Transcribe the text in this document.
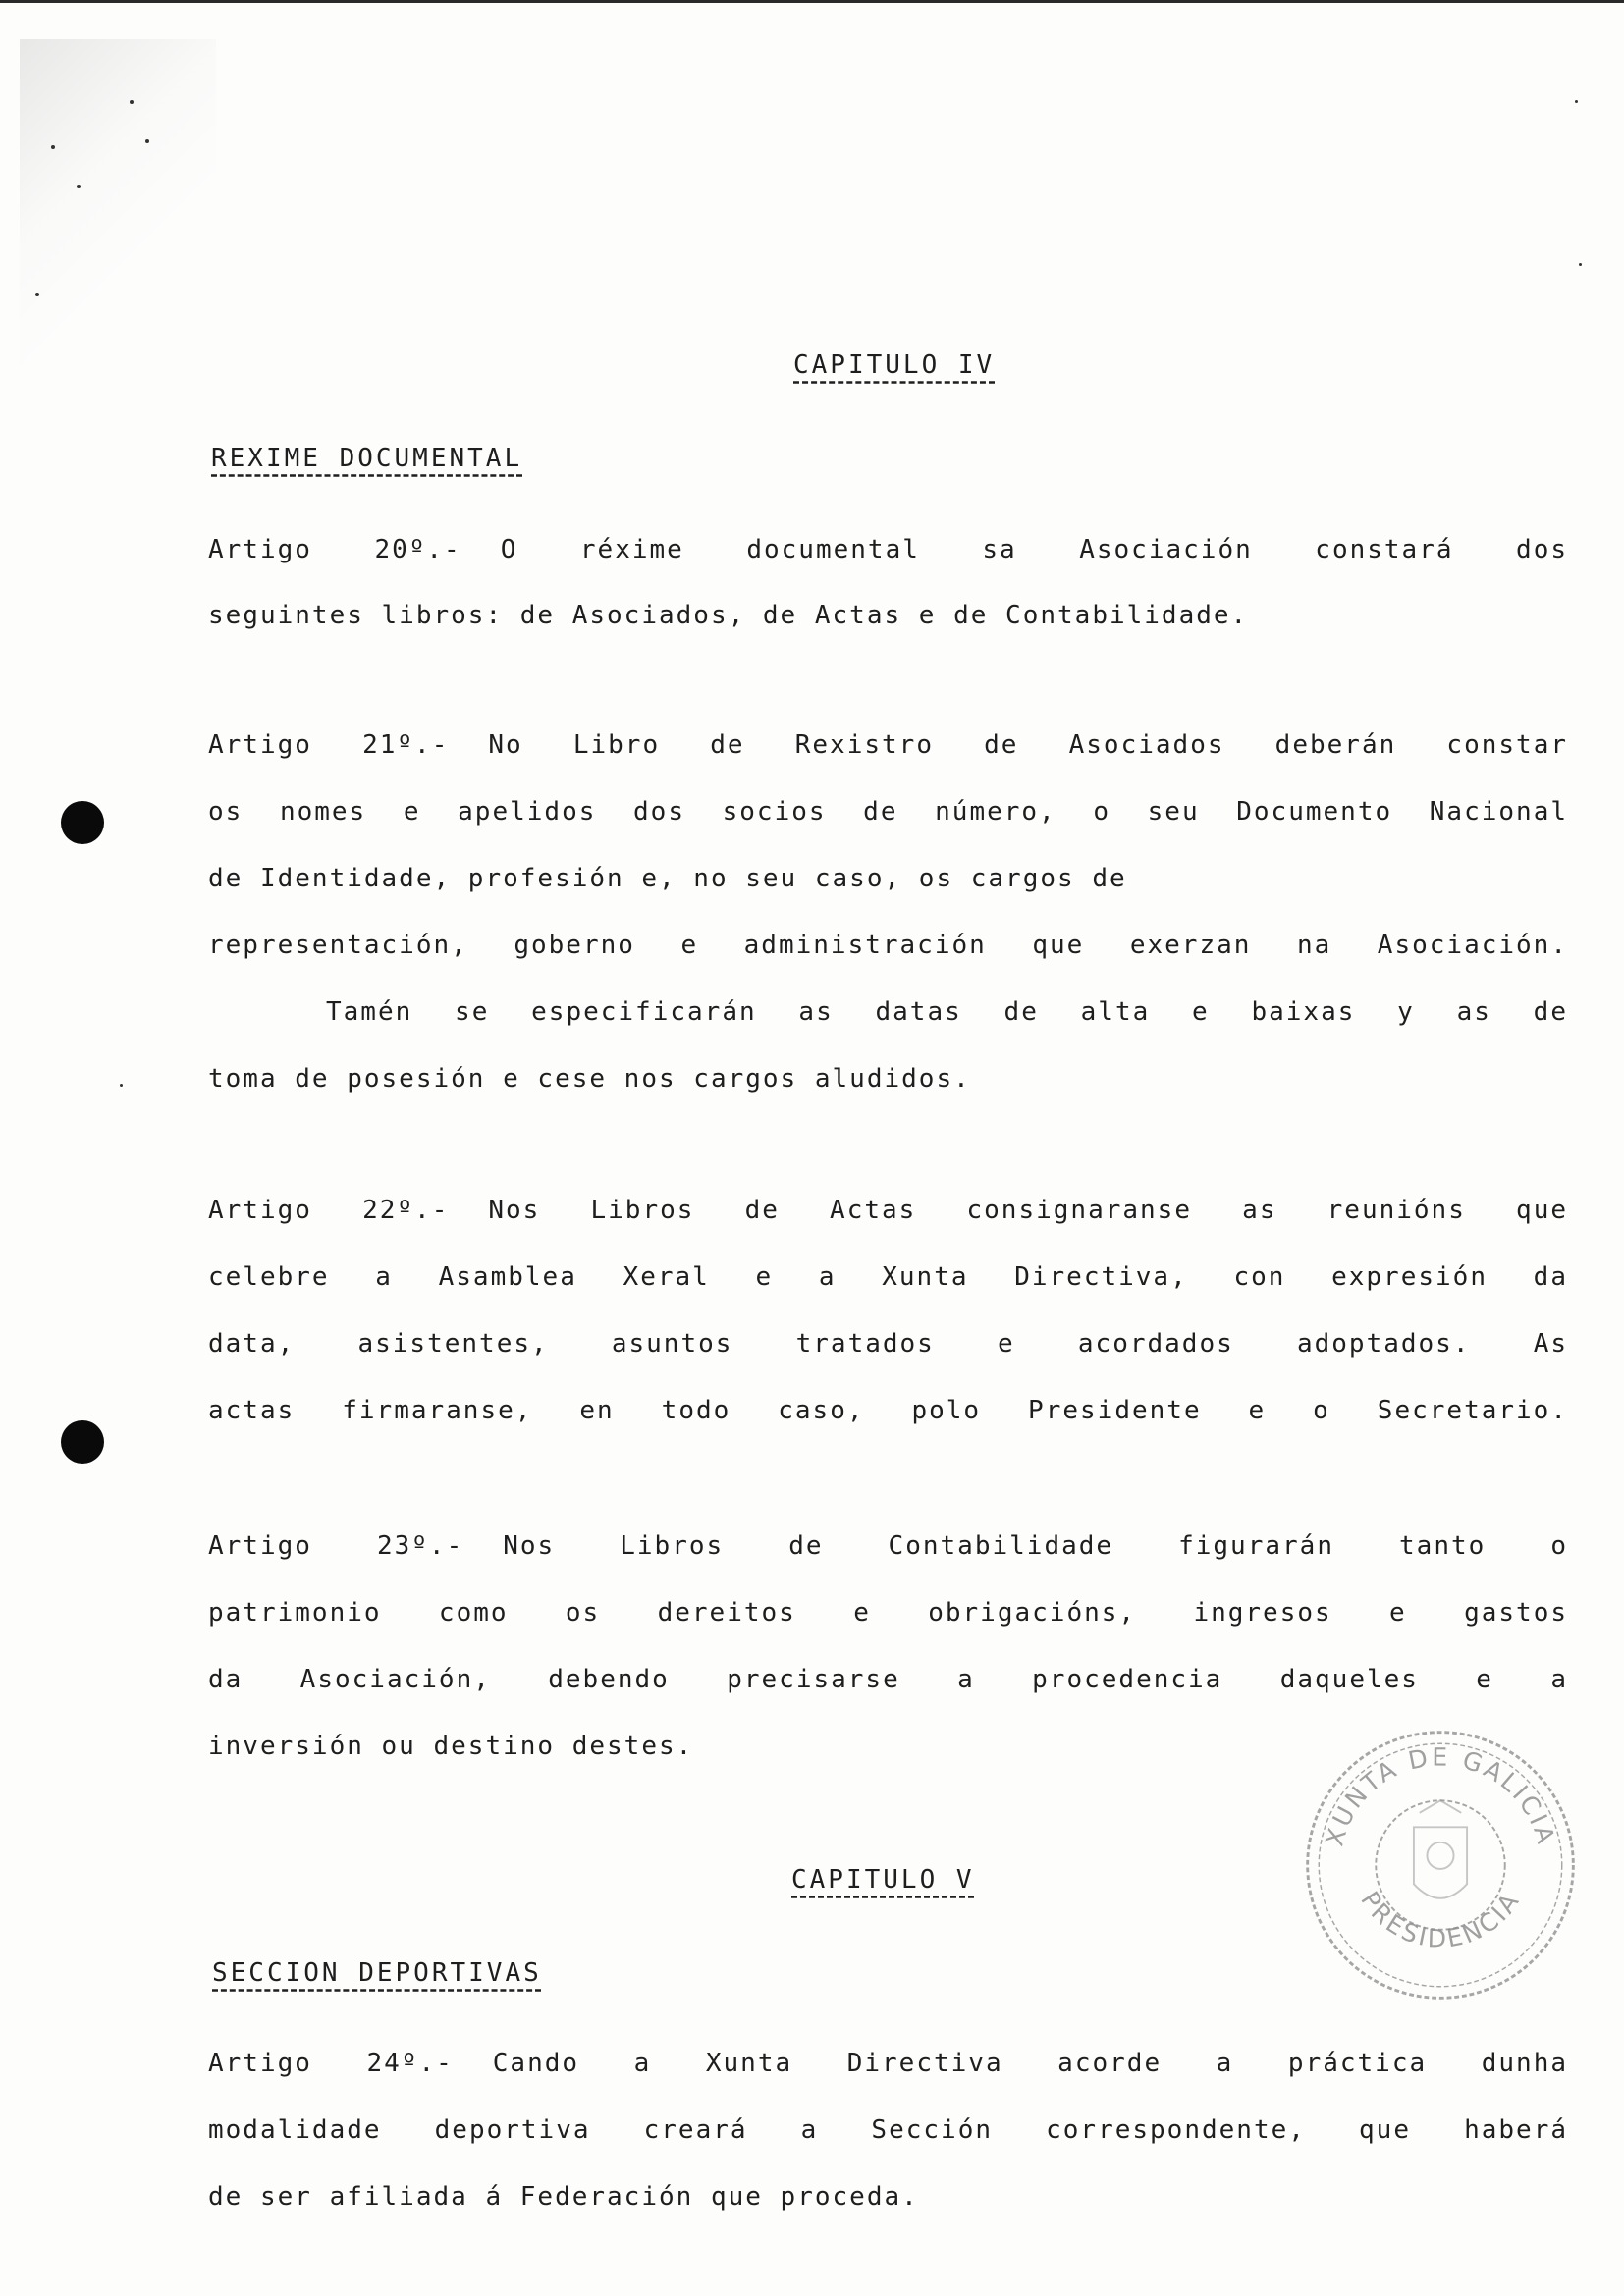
CAPITULO IV
REXIME DOCUMENTAL
Artigo 20º.- O réxime documental sa Asociación constará dos
seguintes libros: de Asociados, de Actas e de Contabilidade.
Artigo 21º.- No Libro de Rexistro de Asociados deberán constar
os nomes e apelidos dos socios de número, o seu Documento Nacional
de Identidade, profesión e, no seu caso, os cargos de
representación, goberno e administración que exerzan na Asociación.
Tamén se especificarán as datas de alta e baixas y as de
toma de posesión e cese nos cargos aludidos.
Artigo 22º.- Nos Libros de Actas consignaranse as reunións que
celebre a Asamblea Xeral e a Xunta Directiva, con expresión da
data, asistentes, asuntos tratados e acordados adoptados. As
actas firmaranse, en todo caso, polo Presidente e o Secretario.
Artigo 23º.- Nos Libros de Contabilidade figurarán tanto o
patrimonio como os dereitos e obrigacións, ingresos e gastos
da Asociación, debendo precisarse a procedencia daqueles e a
inversión ou destino destes.
CAPITULO V
SECCION DEPORTIVAS
Artigo 24º.- Cando a Xunta Directiva acorde a práctica dunha
modalidade deportiva creará a Sección correspondente, que haberá
de ser afiliada á Federación que proceda.
XUNTA DE GALICIA
PRESIDENCIA
